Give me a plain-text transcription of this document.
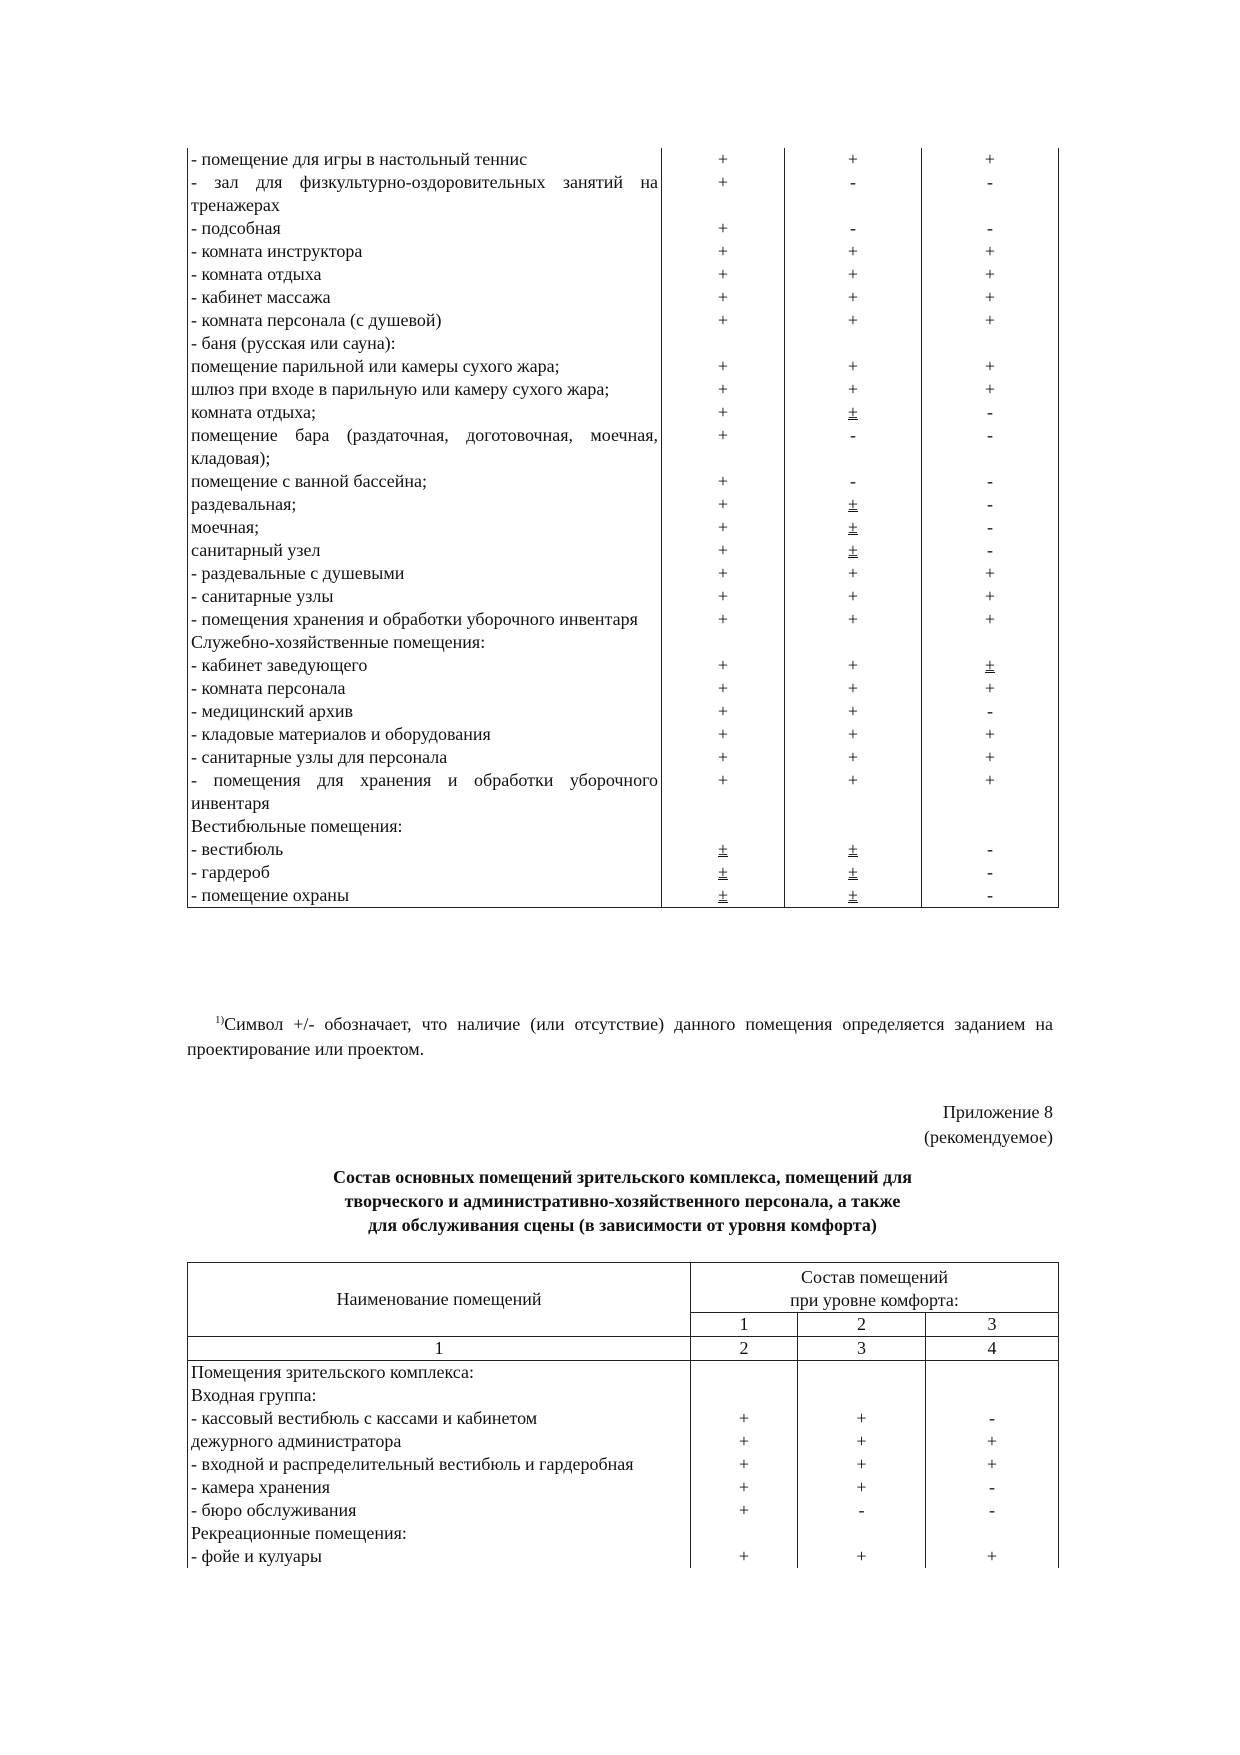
- помещение для игры в настольный теннис	+	+	+
- зал для физкультурно-оздоровительных занятий на тренажерах	+	-	-
- подсобная	+	-	-
- комната инструктора	+	+	+
- комната отдыха	+	+	+
- кабинет массажа	+	+	+
- комната персонала (с душевой)	+	+	+
- баня (русская или сауна):			
помещение парильной или камеры сухого жара;	+	+	+
шлюз при входе в парильную или камеру сухого жара;	+	+	+
комната отдыха;	+	±	-
помещение бара (раздаточная, доготовочная, моечная, кладовая);	+	-	-
помещение с ванной бассейна;	+	-	-
раздевальная;	+	±	-
моечная;	+	±	-
санитарный узел	+	±	-
- раздевальные с душевыми	+	+	+
- санитарные узлы	+	+	+
- помещения хранения и обработки уборочного инвентаря	+	+	+
Служебно-хозяйственные помещения:			
- кабинет заведующего	+	+	±
- комната персонала	+	+	+
- медицинский архив	+	+	-
- кладовые материалов и оборудования	+	+	+
- санитарные узлы для персонала	+	+	+
- помещения для хранения и обработки уборочного инвентаря	+	+	+
Вестибюльные помещения:			
- вестибюль	±	±	-
- гардероб	±	±	-
- помещение охраны	±	±	-
$^{1)}$Символ +/- обозначает, что наличие (или отсутствие) данного помещения определяется заданием на проектирование или проектом.
Приложение 8
(рекомендуемое)
Состав основных помещений зрительского комплекса, помещений для
творческого и административно-хозяйственного персонала, а также
для обслуживания сцены (в зависимости от уровня комфорта)
Наименование помещений	Состав помещений
при уровне комфорта:		

	1	2	3
1	2	3	4
Помещения зрительского комплекса:			
Входная группа:			
- кассовый вестибюль с кассами и кабинетом	+	+	-
дежурного администратора	+	+	+
- входной и распределительный вестибюль и гардеробная	+	+	+
- камера хранения	+	+	-
- бюро обслуживания	+	-	-
Рекреационные помещения:			
- фойе и кулуары	+	+	+
